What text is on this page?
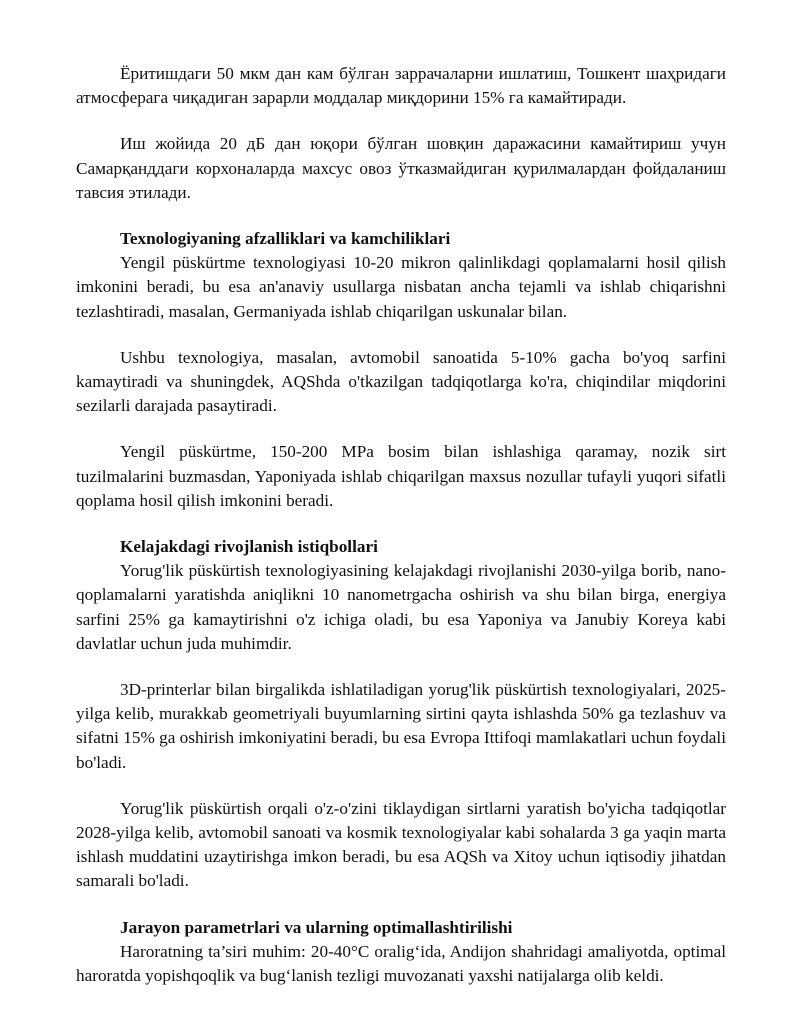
Ёритишдаги 50 мкм дан кам бўлган заррачаларни ишлатиш, Тошкент шаҳридаги атмосферага чиқадиган зарарли моддалар миқдорини 15% га камайтиради.

Иш жойида 20 дБ дан юқори бўлган шовқин даражасини камайтириш учун Самарқанддаги корхоналарда махсус овоз ўтказмайдиган қурилмалардан фойдаланиш тавсия этилади.

Texnologiyaning afzalliklari va kamchiliklari

Yengil püskürtme texnologiyasi 10-20 mikron qalinlikdagi qoplamalarni hosil qilish imkonini beradi, bu esa an'anaviy usullarga nisbatan ancha tejamli va ishlab chiqarishni tezlashtiradi, masalan, Germaniyada ishlab chiqarilgan uskunalar bilan.

Ushbu texnologiya, masalan, avtomobil sanoatida 5-10% gacha bo'yoq sarfini kamaytiradi va shuningdek, AQShda o'tkazilgan tadqiqotlarga ko'ra, chiqindilar miqdorini sezilarli darajada pasaytiradi.

Yengil püskürtme, 150-200 MPa bosim bilan ishlashiga qaramay, nozik sirt tuzilmalarini buzmasdan, Yaponiyada ishlab chiqarilgan maxsus nozullar tufayli yuqori sifatli qoplama hosil qilish imkonini beradi.

Kelajakdagi rivojlanish istiqbollari

Yorug'lik püskürtish texnologiyasining kelajakdagi rivojlanishi 2030-yilga borib, nano-qoplamalarni yaratishda aniqlikni 10 nanometrgacha oshirish va shu bilan birga, energiya sarfini 25% ga kamaytirishni o'z ichiga oladi, bu esa Yaponiya va Janubiy Koreya kabi davlatlar uchun juda muhimdir.

3D-printerlar bilan birgalikda ishlatiladigan yorug'lik püskürtish texnologiyalari, 2025-yilga kelib, murakkab geometriyali buyumlarning sirtini qayta ishlashda 50% ga tezlashuv va sifatni 15% ga oshirish imkoniyatini beradi, bu esa Evropa Ittifoqi mamlakatlari uchun foydali bo'ladi.

Yorug'lik püskürtish orqali o'z-o'zini tiklaydigan sirtlarni yaratish bo'yicha tadqiqotlar 2028-yilga kelib, avtomobil sanoati va kosmik texnologiyalar kabi sohalarda 3 ga yaqin marta ishlash muddatini uzaytirishga imkon beradi, bu esa AQSh va Xitoy uchun iqtisodiy jihatdan samarali bo'ladi.

Jarayon parametrlari va ularning optimallashtirilishi

Haroratning ta’siri muhim: 20-40°C oralig‘ida, Andijon shahridagi amaliyotda, optimal haroratda yopishqoqlik va bug‘lanish tezligi muvozanati yaxshi natijalarga olib keldi.
